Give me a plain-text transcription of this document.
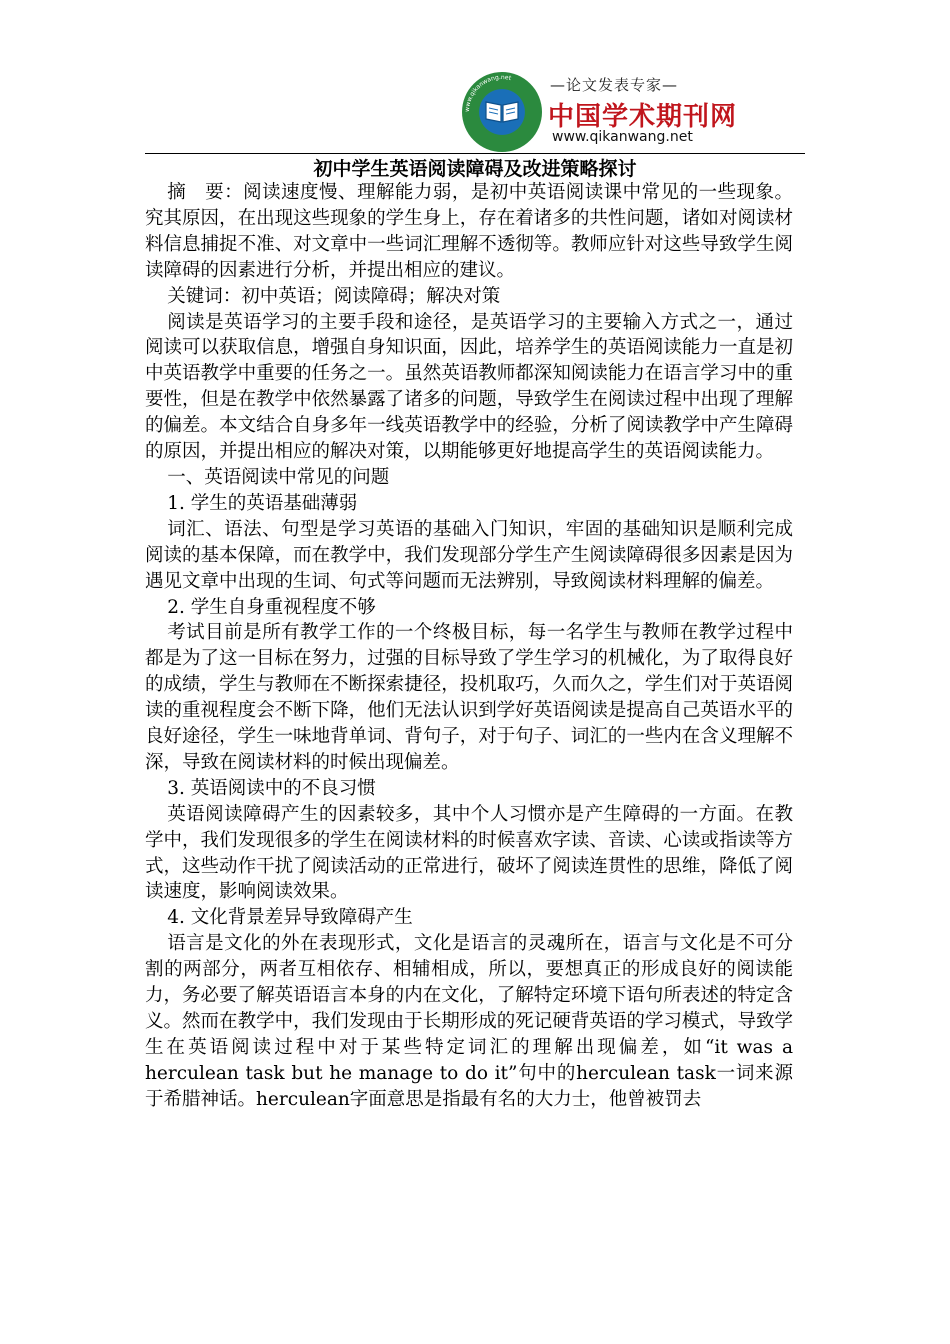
www.qikanwang.net	—论文发表专家—
中国学术期刊网
www.qikanwang.net
初中学生英语阅读障碍及改进策略探讨

摘　要：阅读速度慢、理解能力弱，是初中英语阅读课中常见的一些现象。究其原因，在出现这些现象的学生身上，存在着诸多的共性问题，诸如对阅读材料信息捕捉不准、对文章中一些词汇理解不透彻等。教师应针对这些导致学生阅读障碍的因素进行分析，并提出相应的建议。

关键词：初中英语；阅读障碍；解决对策

阅读是英语学习的主要手段和途径，是英语学习的主要输入方式之一，通过阅读可以获取信息，增强自身知识面，因此，培养学生的英语阅读能力一直是初中英语教学中重要的任务之一。虽然英语教师都深知阅读能力在语言学习中的重要性，但是在教学中依然暴露了诸多的问题，导致学生在阅读过程中出现了理解的偏差。本文结合自身多年一线英语教学中的经验，分析了阅读教学中产生障碍的原因，并提出相应的解决对策，以期能够更好地提高学生的英语阅读能力。

一、英语阅读中常见的问题

1. 学生的英语基础薄弱

词汇、语法、句型是学习英语的基础入门知识，牢固的基础知识是顺利完成阅读的基本保障，而在教学中，我们发现部分学生产生阅读障碍很多因素是因为遇见文章中出现的生词、句式等问题而无法辨别，导致阅读材料理解的偏差。

2. 学生自身重视程度不够

考试目前是所有教学工作的一个终极目标，每一名学生与教师在教学过程中都是为了这一目标在努力，过强的目标导致了学生学习的机械化，为了取得良好的成绩，学生与教师在不断探索捷径，投机取巧，久而久之，学生们对于英语阅读的重视程度会不断下降，他们无法认识到学好英语阅读是提高自己英语水平的良好途径，学生一味地背单词、背句子，对于句子、词汇的一些内在含义理解不深，导致在阅读材料的时候出现偏差。

3. 英语阅读中的不良习惯

英语阅读障碍产生的因素较多，其中个人习惯亦是产生障碍的一方面。在教学中，我们发现很多的学生在阅读材料的时候喜欢字读、音读、心读或指读等方式，这些动作干扰了阅读活动的正常进行，破坏了阅读连贯性的思维，降低了阅读速度，影响阅读效果。

4. 文化背景差异导致障碍产生

语言是文化的外在表现形式，文化是语言的灵魂所在，语言与文化是不可分割的两部分，两者互相依存、相辅相成，所以，要想真正的形成良好的阅读能力，务必要了解英语语言本身的内在文化，了解特定环境下语句所表述的特定含义。然而在教学中，我们发现由于长期形成的死记硬背英语的学习模式，导致学生在英语阅读过程中对于某些特定词汇的理解出现偏差，如“it was a herculean task but he manage to do it”句中的herculean task一词来源于希腊神话。herculean字面意思是指最有名的大力士，他曾被罚去
